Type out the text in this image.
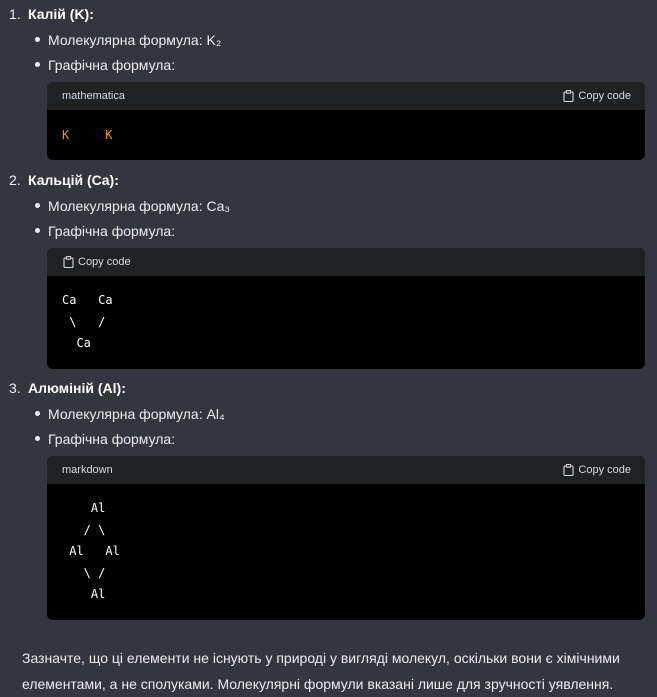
1. Калій (K):
Молекулярна формула: K₂
Графічна формула:
mathematica	Copy code
K	K
2. Кальцій (Ca):
Молекулярна формула: Ca₃
Графічна формула:
Copy code
Ca   Ca
\   /
Ca
3. Алюміній (Al):
Молекулярна формула: Al₄
Графічна формула:
markdown	Copy code
Al
/ \
Al   Al
\ /
Al
Зазначте, що ці елементи не існують у природі у вигляді молекул, оскільки вони є хімічними елементами, а не сполуками. Молекулярні формули вказані лише для зручності уявлення.
